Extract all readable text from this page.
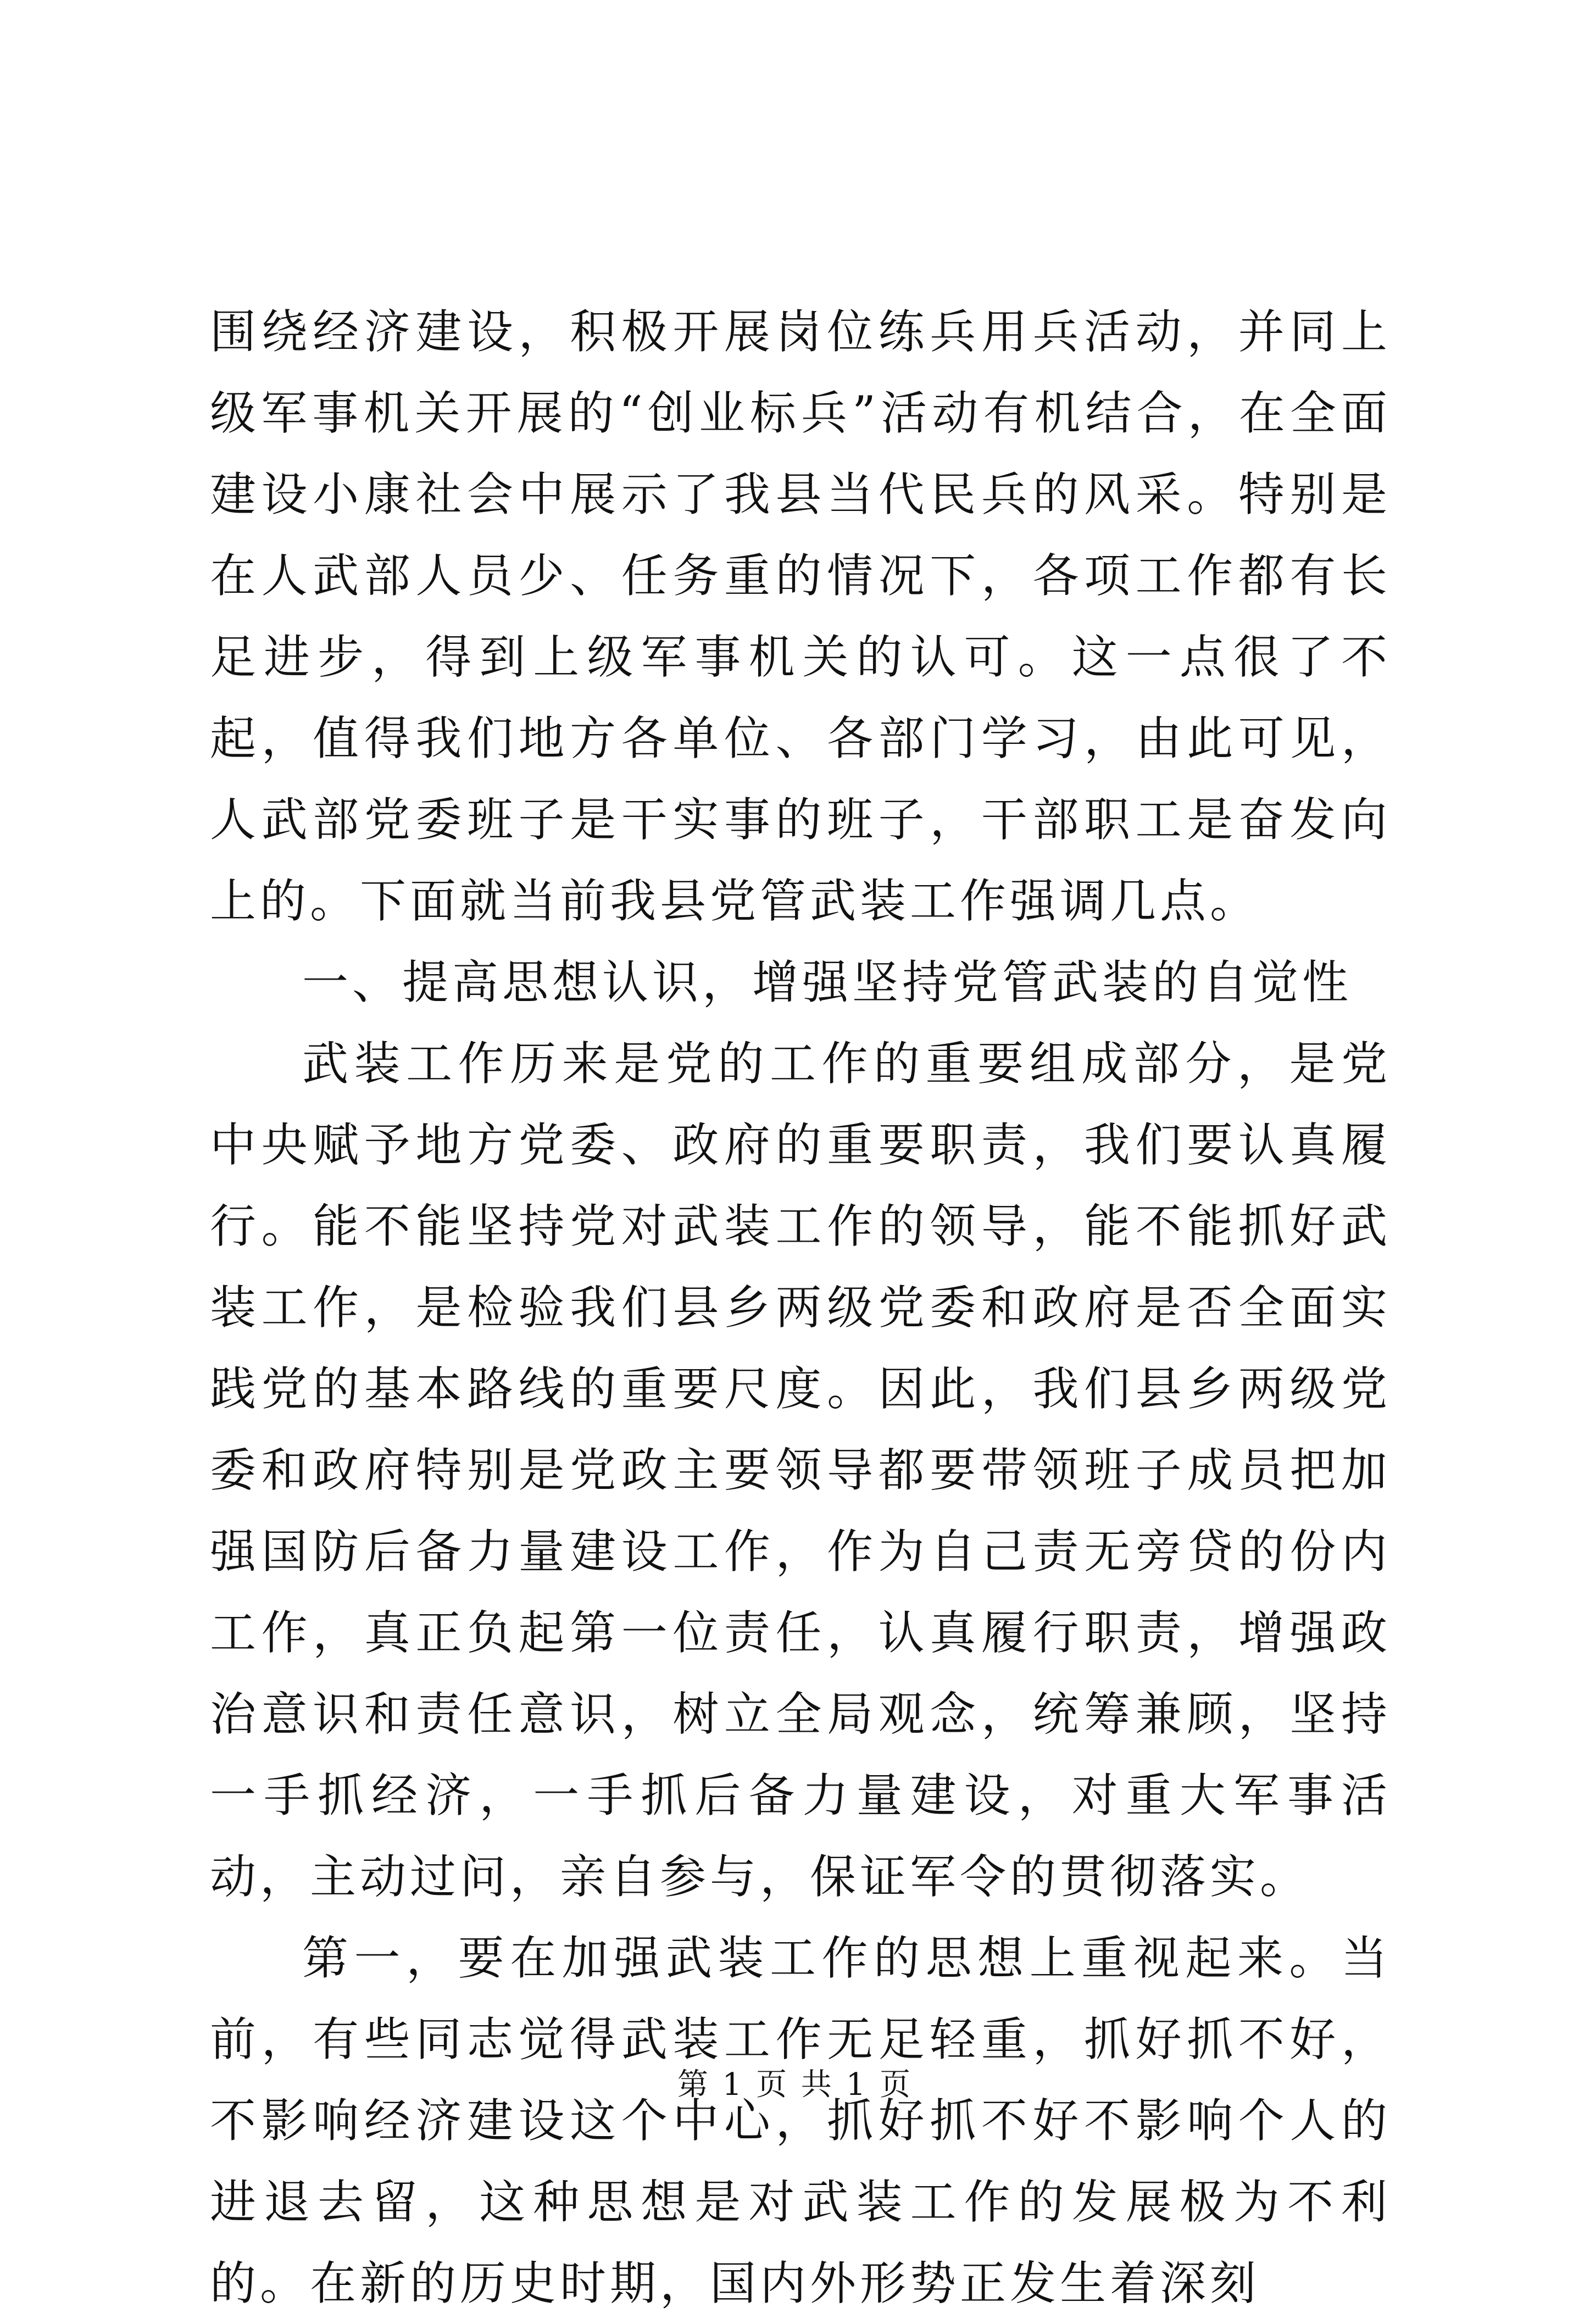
围绕经济建设，积极开展岗位练兵用兵活动，并同上级军事机关开展的“创业标兵”活动有机结合，在全面建设小康社会中展示了我县当代民兵的风采。特别是在人武部人员少、任务重的情况下，各项工作都有长足进步，得到上级军事机关的认可。这一点很了不起，值得我们地方各单位、各部门学习，由此可见，人武部党委班子是干实事的班子，干部职工是奋发向上的。下面就当前我县党管武装工作强调几点。

一、提高思想认识，增强坚持党管武装的自觉性

武装工作历来是党的工作的重要组成部分，是党中央赋予地方党委、政府的重要职责，我们要认真履行。能不能坚持党对武装工作的领导，能不能抓好武装工作，是检验我们县乡两级党委和政府是否全面实践党的基本路线的重要尺度。因此，我们县乡两级党委和政府特别是党政主要领导都要带领班子成员把加强国防后备力量建设工作，作为自己责无旁贷的份内工作，真正负起第一位责任，认真履行职责，增强政治意识和责任意识，树立全局观念，统筹兼顾，坚持一手抓经济，一手抓后备力量建设，对重大军事活动，主动过问，亲自参与，保证军令的贯彻落实。

第一，要在加强武装工作的思想上重视起来。当前，有些同志觉得武装工作无足轻重，抓好抓不好，不影响经济建设这个中心，抓好抓不好不影响个人的进退去留，这种思想是对武装工作的发展极为不利的。在新的历史时期，国内外形势正发生着深刻

第 1 页 共 1 页
